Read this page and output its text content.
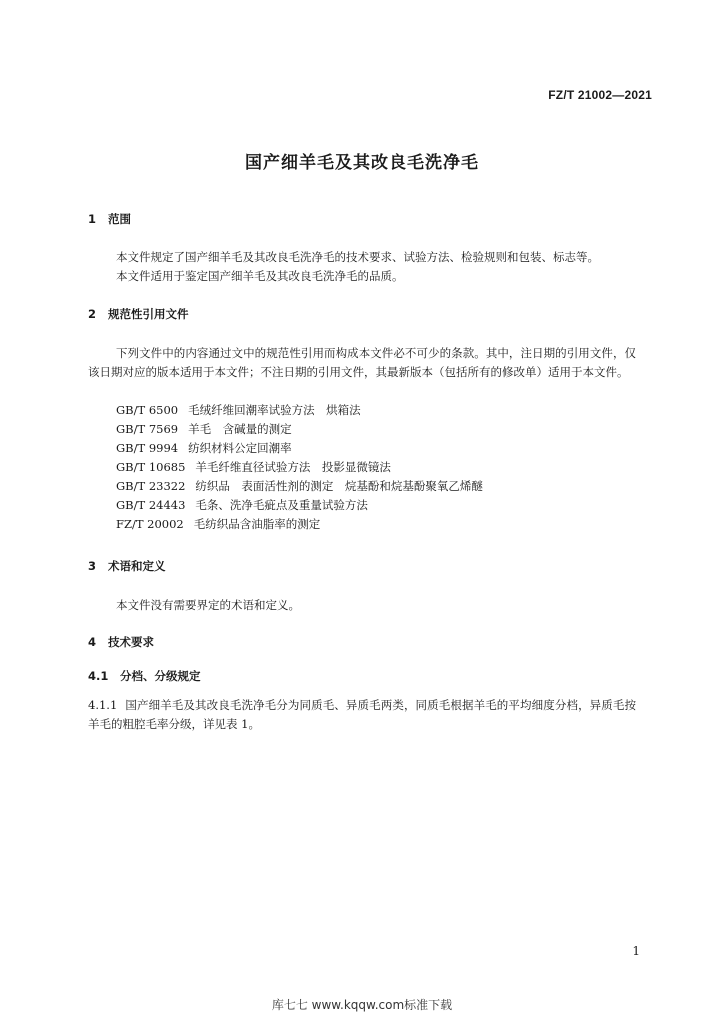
FZ/T 21002—2021
国产细羊毛及其改良毛洗净毛
1 范围
本文件规定了国产细羊毛及其改良毛洗净毛的技术要求、试验方法、检验规则和包装、标志等。
本文件适用于鉴定国产细羊毛及其改良毛洗净毛的品质。
2 规范性引用文件
下列文件中的内容通过文中的规范性引用而构成本文件必不可少的条款。其中，注日期的引用文件，仅该日期对应的版本适用于本文件；不注日期的引用文件，其最新版本（包括所有的修改单）适用于本文件。
GB/T 6500 毛绒纤维回潮率试验方法　烘箱法
GB/T 7569 羊毛　含碱量的测定
GB/T 9994 纺织材料公定回潮率
GB/T 10685 羊毛纤维直径试验方法　投影显微镜法
GB/T 23322 纺织品　表面活性剂的测定　烷基酚和烷基酚聚氧乙烯醚
GB/T 24443 毛条、洗净毛疵点及重量试验方法
FZ/T 20002 毛纺织品含油脂率的测定
3 术语和定义
本文件没有需要界定的术语和定义。
4 技术要求
4.1 分档、分级规定
4.1.1 国产细羊毛及其改良毛洗净毛分为同质毛、异质毛两类，同质毛根据羊毛的平均细度分档，异质毛按羊毛的粗腔毛率分级，详见表 1。
1
库七七 www.kqqw.com标准下载
